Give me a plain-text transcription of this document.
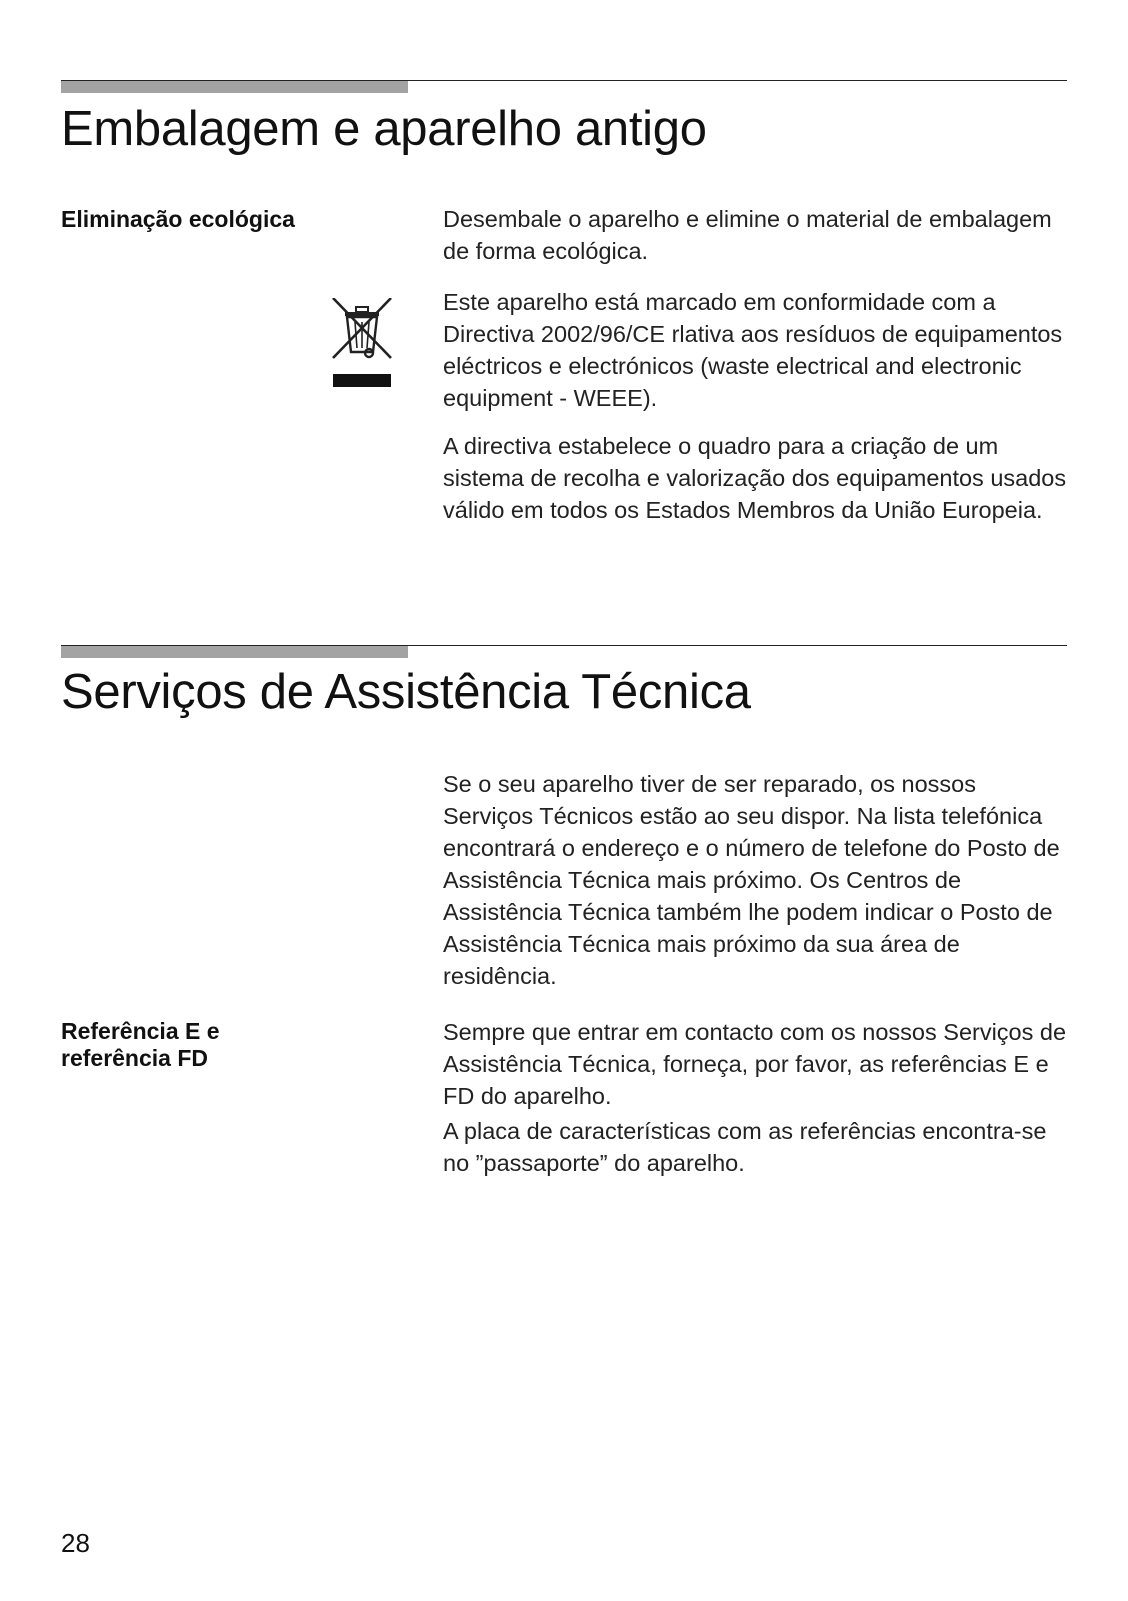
Embalagem e aparelho antigo

Eliminação ecológica	Desembale o aparelho e elimine o material de embalagem de forma ecológica.

Este aparelho está marcado em conformidade com a Directiva 2002/96/CE rlativa aos resíduos de equipamentos eléctricos e electrónicos (waste electrical and electronic equipment - WEEE).

A directiva estabelece o quadro para a criação de um sistema de recolha e valorização dos equipamentos usados válido em todos os Estados Membros da União Europeia.

Serviços de Assistência Técnica

Se o seu aparelho tiver de ser reparado, os nossos Serviços Técnicos estão ao seu dispor. Na lista telefónica encontrará o endereço e o número de telefone do Posto de Assistência Técnica mais próximo. Os Centros de Assistência Técnica também lhe podem indicar o Posto de Assistência Técnica mais próximo da sua área de residência.

Referência E e
referência FD

Sempre que entrar em contacto com os nossos Serviços de Assistência Técnica, forneça, por favor, as referências E e FD do aparelho.

A placa de características com as referências encontra-se no ”passaporte” do aparelho.

28
